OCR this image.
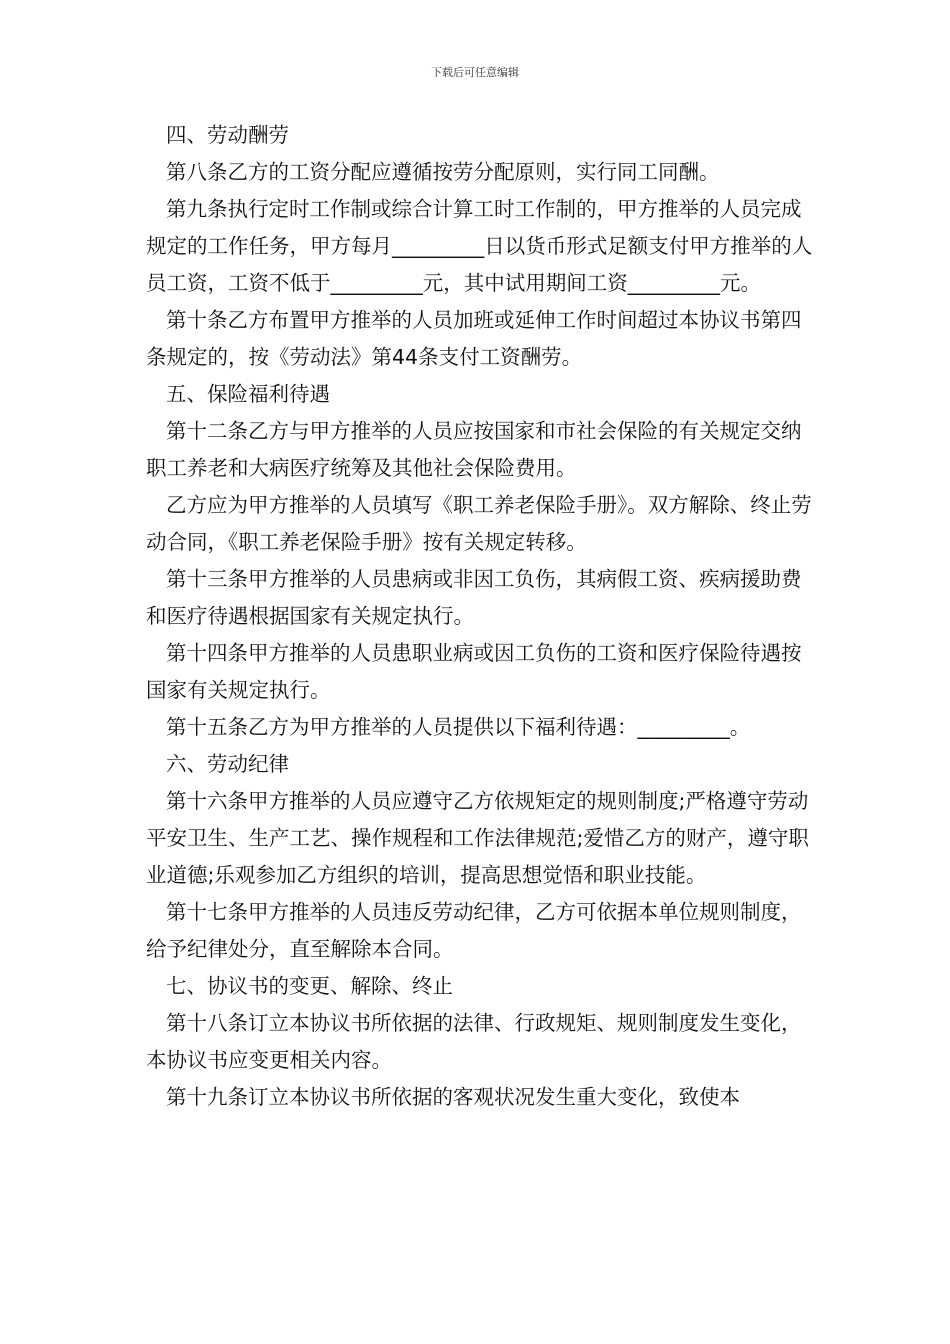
下载后可任意编辑

四、劳动酬劳

第八条乙方的工资分配应遵循按劳分配原则，实行同工同酬。

第九条执行定时工作制或综合计算工时工作制的，甲方推举的人员完成规定的工作任务，甲方每月_________日以货币形式足额支付甲方推举的人员工资，工资不低于_________元，其中试用期间工资_________元。

第十条乙方布置甲方推举的人员加班或延伸工作时间超过本协议书第四条规定的，按《劳动法》第44条支付工资酬劳。

五、保险福利待遇

第十二条乙方与甲方推举的人员应按国家和市社会保险的有关规定交纳职工养老和大病医疗统筹及其他社会保险费用。

乙方应为甲方推举的人员填写《职工养老保险手册》。双方解除、终止劳动合同，《职工养老保险手册》按有关规定转移。

第十三条甲方推举的人员患病或非因工负伤，其病假工资、疾病援助费和医疗待遇根据国家有关规定执行。

第十四条甲方推举的人员患职业病或因工负伤的工资和医疗保险待遇按国家有关规定执行。

第十五条乙方为甲方推举的人员提供以下福利待遇：_________。

六、劳动纪律

第十六条甲方推举的人员应遵守乙方依规矩定的规则制度;严格遵守劳动平安卫生、生产工艺、操作规程和工作法律规范;爱惜乙方的财产，遵守职业道德;乐观参加乙方组织的培训，提高思想觉悟和职业技能。

第十七条甲方推举的人员违反劳动纪律，乙方可依据本单位规则制度，给予纪律处分，直至解除本合同。

七、协议书的变更、解除、终止

第十八条订立本协议书所依据的法律、行政规矩、规则制度发生变化，本协议书应变更相关内容。

第十九条订立本协议书所依据的客观状况发生重大变化，致使本
